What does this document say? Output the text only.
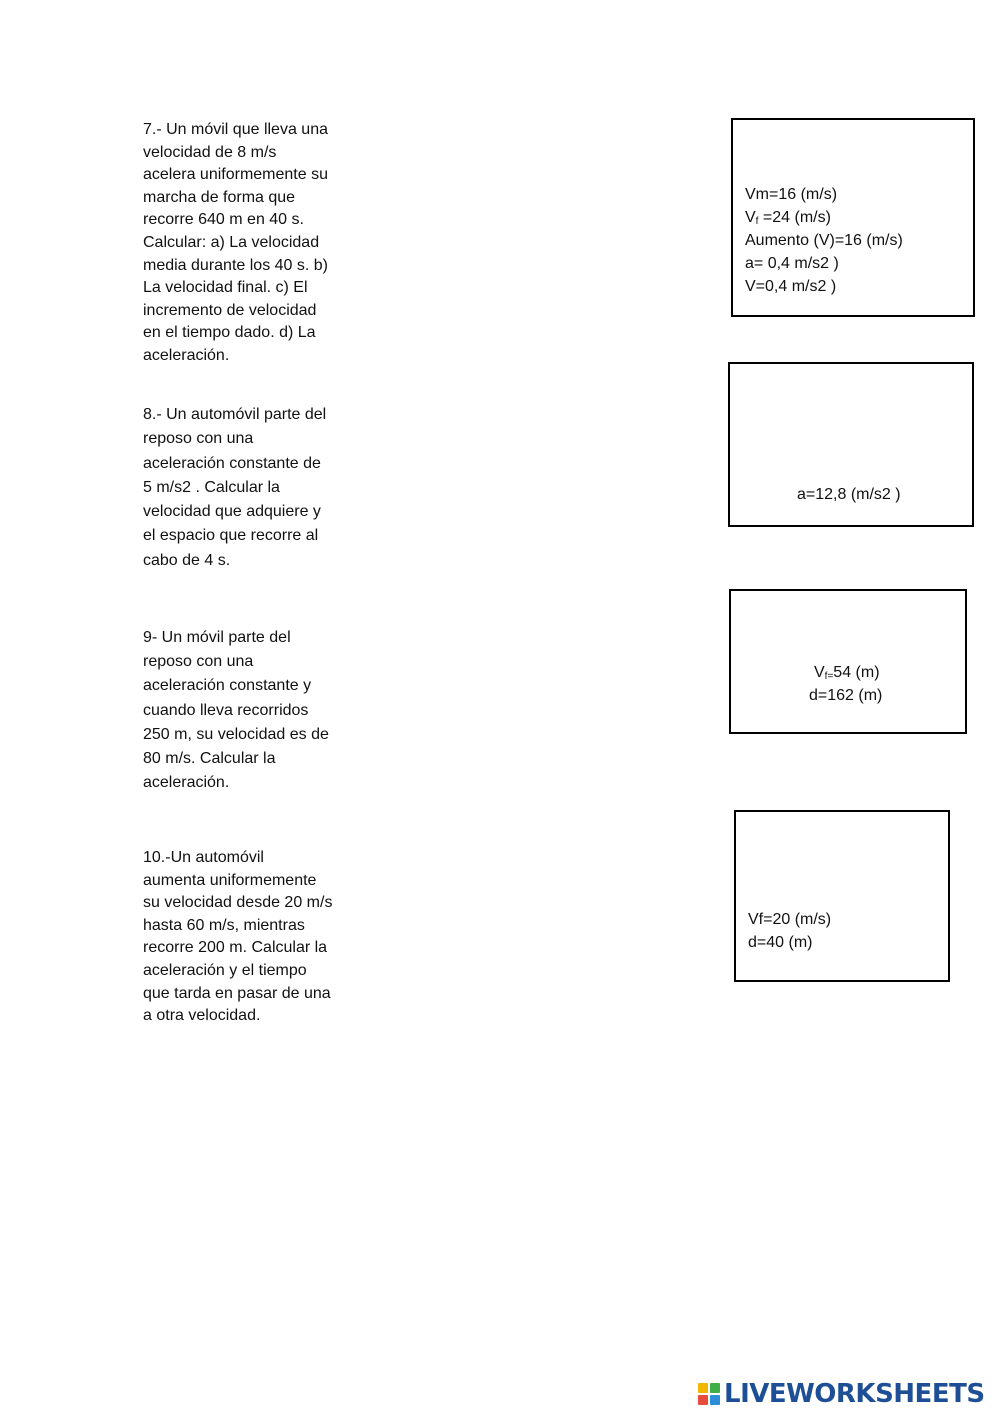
7.- Un móvil que lleva una
velocidad de 8 m/s
acelera uniformemente su
marcha de forma que
recorre 640 m en 40 s.
Calcular: a) La velocidad
media durante los 40 s. b)
La velocidad final. c) El
incremento de velocidad
en el tiempo dado. d) La
aceleración.
8.- Un automóvil parte del
reposo con una
aceleración constante de
5 m/s2 . Calcular la
velocidad que adquiere y
el espacio que recorre al
cabo de 4 s.
9- Un móvil parte del
reposo con una
aceleración constante y
cuando lleva recorridos
250 m, su velocidad es de
80 m/s. Calcular la
aceleración.
10.-Un automóvil
aumenta uniformemente
su velocidad desde 20 m/s
hasta 60 m/s, mientras
recorre 200 m. Calcular la
aceleración y el tiempo
que tarda en pasar de una
a otra velocidad.
Vm=16 (m/s)
Vf =24 (m/s)
Aumento (V)=16 (m/s)
a= 0,4 m/s2 )
V=0,4 m/s2 )
a=12,8 (m/s2 )
Vf=54 (m)
d=162 (m)
Vf=20 (m/s)
d=40 (m)
LIVEWORKSHEETS
